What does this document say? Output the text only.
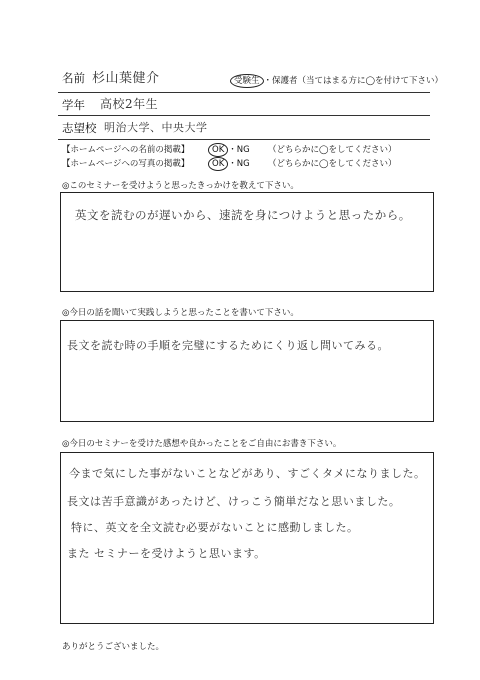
名前 杉山葉健介	受験生 ・保護者（当てはまる方に◯を付けて下さい）
学年 高校2年生
志望校 明治大学、中央大学
【ホームページへの名前の掲載】	OK ・NG （どちらかに◯をしてください）
【ホームページへの写真の掲載】	OK ・NG （どちらかに◯をしてください）
◎このセミナーを受けようと思ったきっかけを教えて下さい。
英文を読むのが遅いから、速読を身につけようと思ったから。
◎今日の話を聞いて実践しようと思ったことを書いて下さい。
長文を読む時の手順を完璧にするためにくり返し問いてみる。
◎今日のセミナーを受けた感想や良かったことをご自由にお書き下さい。
今まで気にした事がないことなどがあり、すごくタメになりました。
長文は苦手意識があったけど、けっこう簡単だなと思いました。
特に、英文を全文読む必要がないことに感動しました。
また セミナーを受けようと思います。
ありがとうございました。
